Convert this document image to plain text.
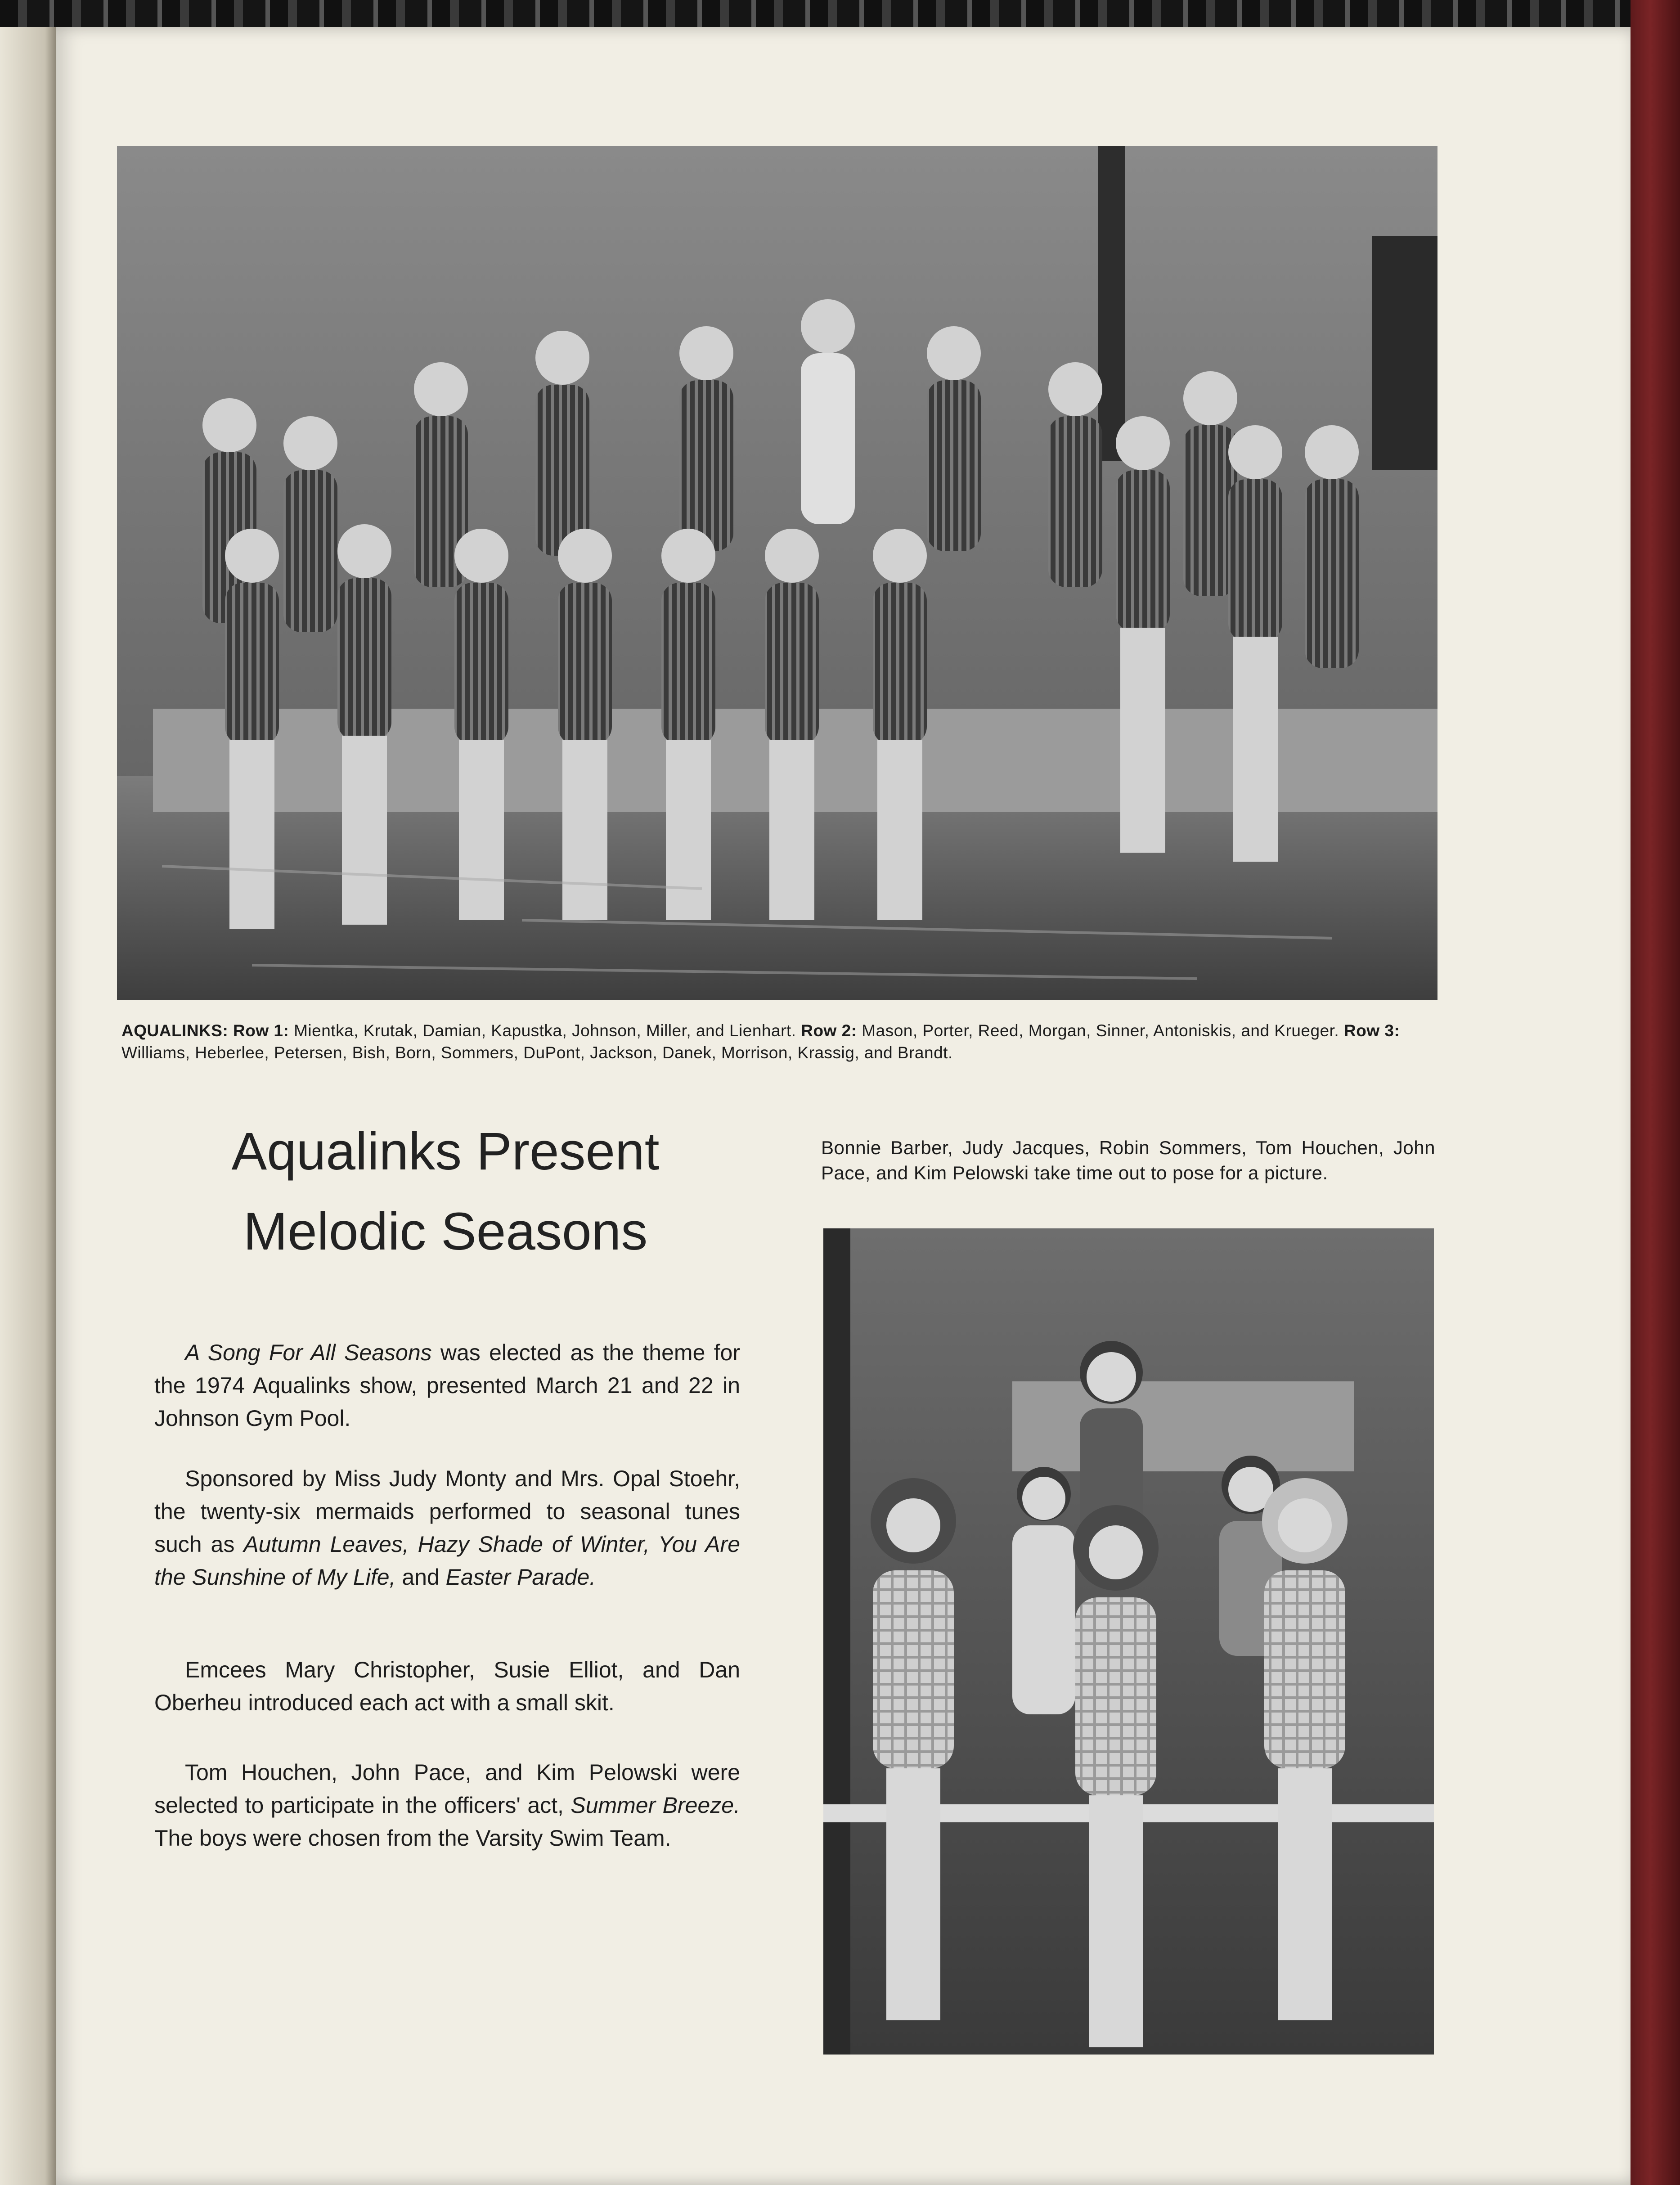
AQUALINKS: Row 1: Mientka, Krutak, Damian, Kapustka, Johnson, Miller, and Lienhart. Row 2: Mason, Porter, Reed, Morgan, Sinner, Antoniskis, and Krueger. Row 3: Williams, Heberlee, Petersen, Bish, Born, Sommers, DuPont, Jackson, Danek, Morrison, Krassig, and Brandt.
Aqualinks Present
Melodic Seasons
A Song For All Seasons was elected as the theme for the 1974 Aqualinks show, presented March 21 and 22 in Johnson Gym Pool.
Sponsored by Miss Judy Monty and Mrs. Opal Stoehr, the twenty-six mermaids performed to seasonal tunes such as Autumn Leaves, Hazy Shade of Winter, You Are the Sunshine of My Life, and Easter Parade.
Emcees Mary Christopher, Susie Elliot, and Dan Oberheu introduced each act with a small skit.
Tom Houchen, John Pace, and Kim Pelowski were selected to participate in the officers' act, Summer Breeze. The boys were chosen from the Varsity Swim Team.
Bonnie Barber, Judy Jacques, Robin Sommers, Tom Houchen, John Pace, and Kim Pelowski take time out to pose for a picture.
